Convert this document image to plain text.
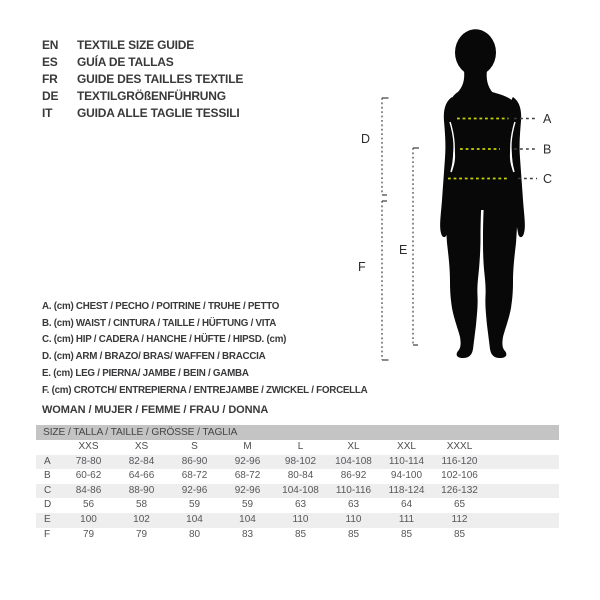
EN	TEXTILE SIZE GUIDE
ES	GUÍA DE TALLAS
FR	GUIDE DES TAILLES TEXTILE
DE	TEXTILGRÖßENFÜHRUNG
IT	GUIDA ALLE TAGLIE TESSILI	A
B
C
D
E
F
A. (cm) CHEST / PECHO / POITRINE / TRUHE / PETTO
B. (cm) WAIST / CINTURA / TAILLE / HÜFTUNG / VITA
C. (cm) HIP / CADERA / HANCHE / HÜFTE / HIPSD. (cm)
D. (cm) ARM / BRAZO/ BRAS/ WAFFEN / BRACCIA
E. (cm) LEG / PIERNA/ JAMBE / BEIN / GAMBA
F. (cm) CROTCH/ ENTREPIERNA / ENTREJAMBE / ZWICKEL / FORCELLA
WOMAN / MUJER / FEMME / FRAU / DONNA
SIZE / TALLA / TAILLE / GRÖSSE / TAGLIA									
	XXS	XS	S	M	L	XL	XXL	XXXL	
A	78-80	82-84	86-90	92-96	98-102	104-108	110-114	116-120	
B	60-62	64-66	68-72	68-72	80-84	86-92	94-100	102-106	
C	84-86	88-90	92-96	92-96	104-108	110-116	118-124	126-132	
D	56	58	59	59	63	63	64	65	
E	100	102	104	104	110	110	111	112	
F	79	79	80	83	85	85	85	85	
